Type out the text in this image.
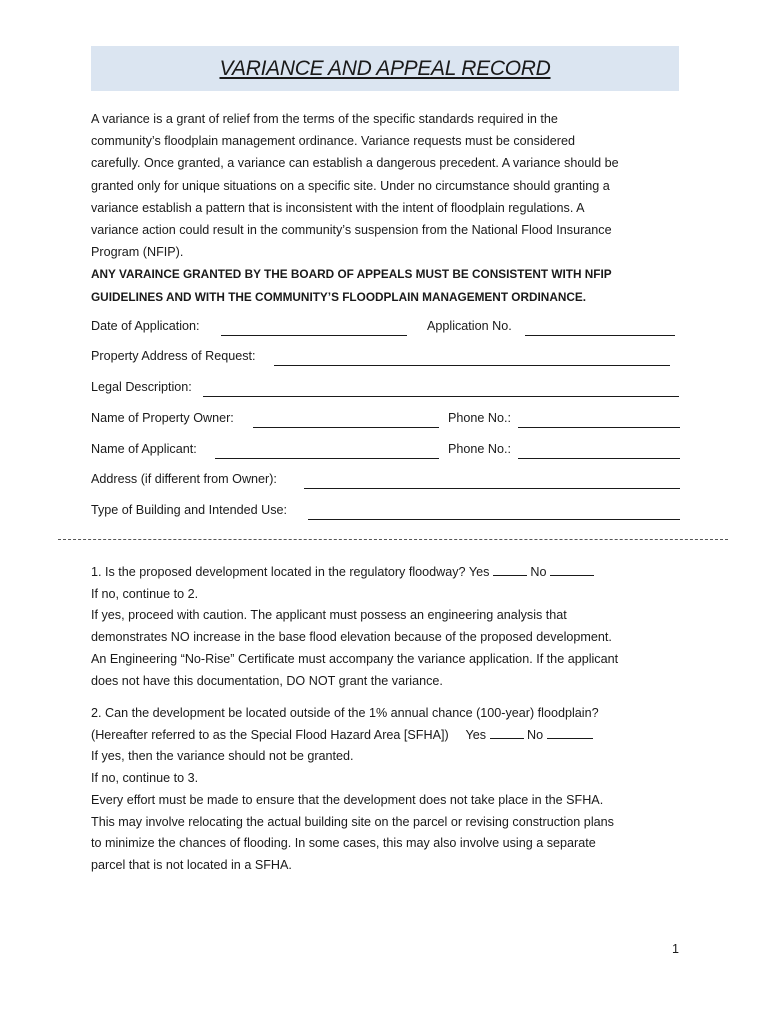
VARIANCE AND APPEAL RECORD

A variance is a grant of relief from the terms of the specific standards required in the

community’s floodplain management ordinance. Variance requests must be considered

carefully. Once granted, a variance can establish a dangerous precedent. A variance should be

granted only for unique situations on a specific site. Under no circumstance should granting a

variance establish a pattern that is inconsistent with the intent of floodplain regulations. A

variance action could result in the community’s suspension from the National Flood Insurance

Program (NFIP).

ANY VARAINCE GRANTED BY THE BOARD OF APPEALS MUST BE CONSISTENT WITH NFIP

GUIDELINES AND WITH THE COMMUNITY’S FLOODPLAIN MANAGEMENT ORDINANCE.

Date of Application:	Application No.
Property Address of Request:
Legal Description:
Name of Property Owner:	Phone No.:
Name of Applicant:	Phone No.:
Address (if different from Owner):
Type of Building and Intended Use:

1. Is the proposed development located in the regulatory floodway? Yes	No

If no, continue to 2.

If yes, proceed with caution. The applicant must possess an engineering analysis that

demonstrates NO increase in the base flood elevation because of the proposed development.

An Engineering “No-Rise” Certificate must accompany the variance application. If the applicant

does not have this documentation, DO NOT grant the variance.

2. Can the development be located outside of the 1% annual chance (100-year) floodplain?

(Hereafter referred to as the Special Flood Hazard Area [SFHA]) Yes	No

If yes, then the variance should not be granted.

If no, continue to 3.

Every effort must be made to ensure that the development does not take place in the SFHA.

This may involve relocating the actual building site on the parcel or revising construction plans

to minimize the chances of flooding. In some cases, this may also involve using a separate

parcel that is not located in a SFHA.

1
